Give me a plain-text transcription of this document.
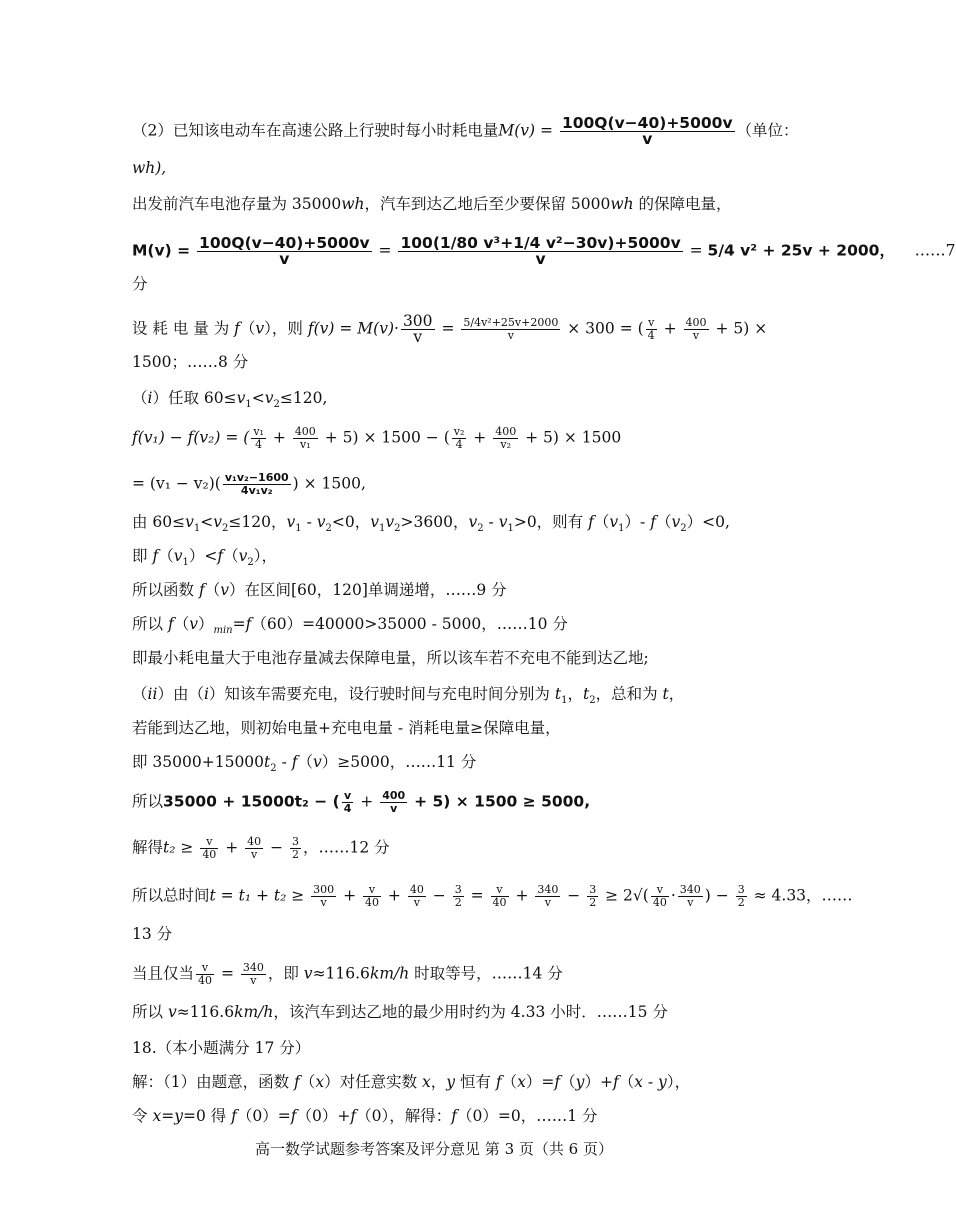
（2）已知该电动车在高速公路上行驶时每小时耗电量$M(v) = \frac{100Q(v-40)+5000v}{v}$ （单位：
wh),
出发前汽车电池存量为 35000wh，汽车到达乙地后至少要保留 5000wh 的保障电量，
$M(v) = \frac{100Q(v-40)+5000v}{v} = \frac{\text{100(1/80 v³+1/4 v²−30v)+5000v}}{v} = 5/4$ v² + 25v + 2000，    ……7
分
设 耗 电 量 为 f（v），则 $f(v) = M(v)\cdot \frac{300}{v} = \frac{\text{5/4v²+25v+2000}}{v} \times 300$ = ( $\frac{v}{4} + \frac{400}{v} + 5$) ×
1500；……8 分
（i）任取 $60\le v_1<v_2\le 120$,
f(v₁) − f(v₂) = ( $\frac{\text{v₁}}{4} + \frac{400}{\text{v₁}} + 5) \times 1500$ − ( $\frac{\text{v₂}}{4} + \frac{400}{\text{v₂}} + 5) \times 1500$
= $(v_1 - v_2)( \frac{\text{v₁v₂−1600}}{\text{4v₁v₂}}$ ) × 1500,
由 $60\le v_1<v_2\le 120$，$v_1 - v_2<0$，$v_1v_2>3600$，$v_2 - v_1>0$，则有 $f(v_1)-$ $f(v_2)<0$,
即 $f(v_1)<f(v_2)$，
所以函数 f（v）在区间[60，120]单调递增，……9 分
所以 $f(v)_{min}=f(60)=40000>35000 - 5000$，……10 分
即最小耗电量大于电池存量减去保障电量，所以该车若不充电不能到达乙地;
（ii）由（i）知该车需要充电，设行驶时间与充电时间分别为 $t_1$，$t_2$，总和为 t，
若能到达乙地，则初始电量+充电电量 - 消耗电量≥保障电量，
即 $35000+15000t_2 - f(v)\ge 5000$，……11 分
所以35000 + 15000t₂ − ( $\frac{v}{4} + \frac{400}{v} + 5) \times 1500 \ge 5000$,
解得$t_2 \ge \frac{v}{40} + \frac{40}{v} - \frac{3}{2}$ ，……12 分
所以总时间$t = t_1 + t_2 \ge \frac{300}{v} + \frac{v}{40} + \frac{40}{v} - \frac{3}{2} = \frac{v}{40} + \frac{340}{v} - \frac{3}{2} \ge 2√( \frac{v}{40} \cdot \frac{340}{v}$ ) − $\frac{3}{2} \approx 4.33$，……
13 分
当且仅当 $\frac{v}{40} = \frac{340}{v}$ ，即 v≈116.6km/h 时取等号，……14 分
所以 v≈116.6km/h，该汽车到达乙地的最少用时约为 4.33 小时．……15 分
18.（本小题满分 17 分）
解：（1）由题意，函数 f（x）对任意实数 x，y 恒有 f（x）=f（y）+f（x - y），
令 x=y=0 得 f（0）=f（0）+f（0），解得：f（0）=0，……1 分
高一数学试题参考答案及评分意见 第 3 页（共 6 页）
